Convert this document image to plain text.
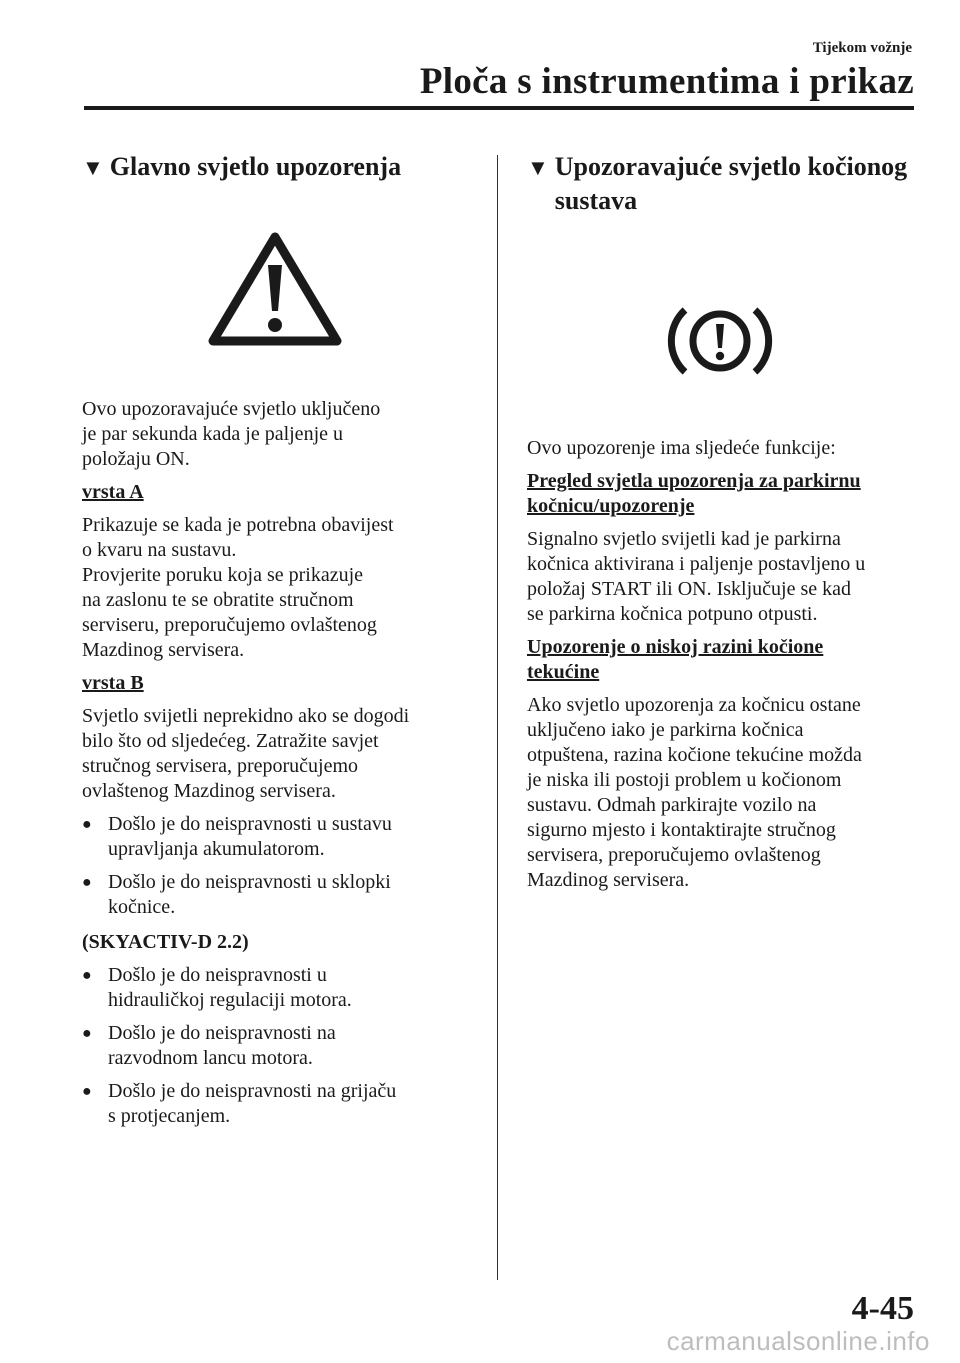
Tijekom vožnje
Ploča s instrumentima i prikaz
▼ Glavno svjetlo upozorenja

Ovo upozoravajuće svjetlo uključeno

je par sekunda kada je paljenje u

položaju ON.

vrsta A

Prikazuje se kada je potrebna obavijest

o kvaru na sustavu.

Provjerite poruku koja se prikazuje

na zaslonu te se obratite stručnom

serviseru, preporučujemo ovlaštenog

Mazdinog servisera.

vrsta B

Svjetlo svijetli neprekidno ako se dogodi

bilo što od sljedećeg. Zatražite savjet

stručnog servisera, preporučujemo

ovlaštenog Mazdinog servisera.

● Došlo je do neispravnosti u sustavu

upravljanja akumulatorom.

● Došlo je do neispravnosti u sklopki

kočnice.

(SKYACTIV-D 2.2)
● Došlo je do neispravnosti u

hidrauličkoj regulaciji motora.

● Došlo je do neispravnosti na

razvodnom lancu motora.

● Došlo je do neispravnosti na grijaču

s protjecanjem.

▼ Upozoravajuće svjetlo kočionog
sustava

Ovo upozorenje ima sljedeće funkcije:

Pregled svjetla upozorenja za parkirnu
kočnicu/upozorenje

Signalno svjetlo svijetli kad je parkirna

kočnica aktivirana i paljenje postavljeno u

položaj START ili ON. Isključuje se kad

se parkirna kočnica potpuno otpusti.

Upozorenje o niskoj razini kočione
tekućine

Ako svjetlo upozorenja za kočnicu ostane

uključeno iako je parkirna kočnica

otpuštena, razina kočione tekućine možda

je niska ili postoji problem u kočionom

sustavu. Odmah parkirajte vozilo na

sigurno mjesto i kontaktirajte stručnog

servisera, preporučujemo ovlaštenog

Mazdinog servisera.

4-45
carmanualsonline.info
